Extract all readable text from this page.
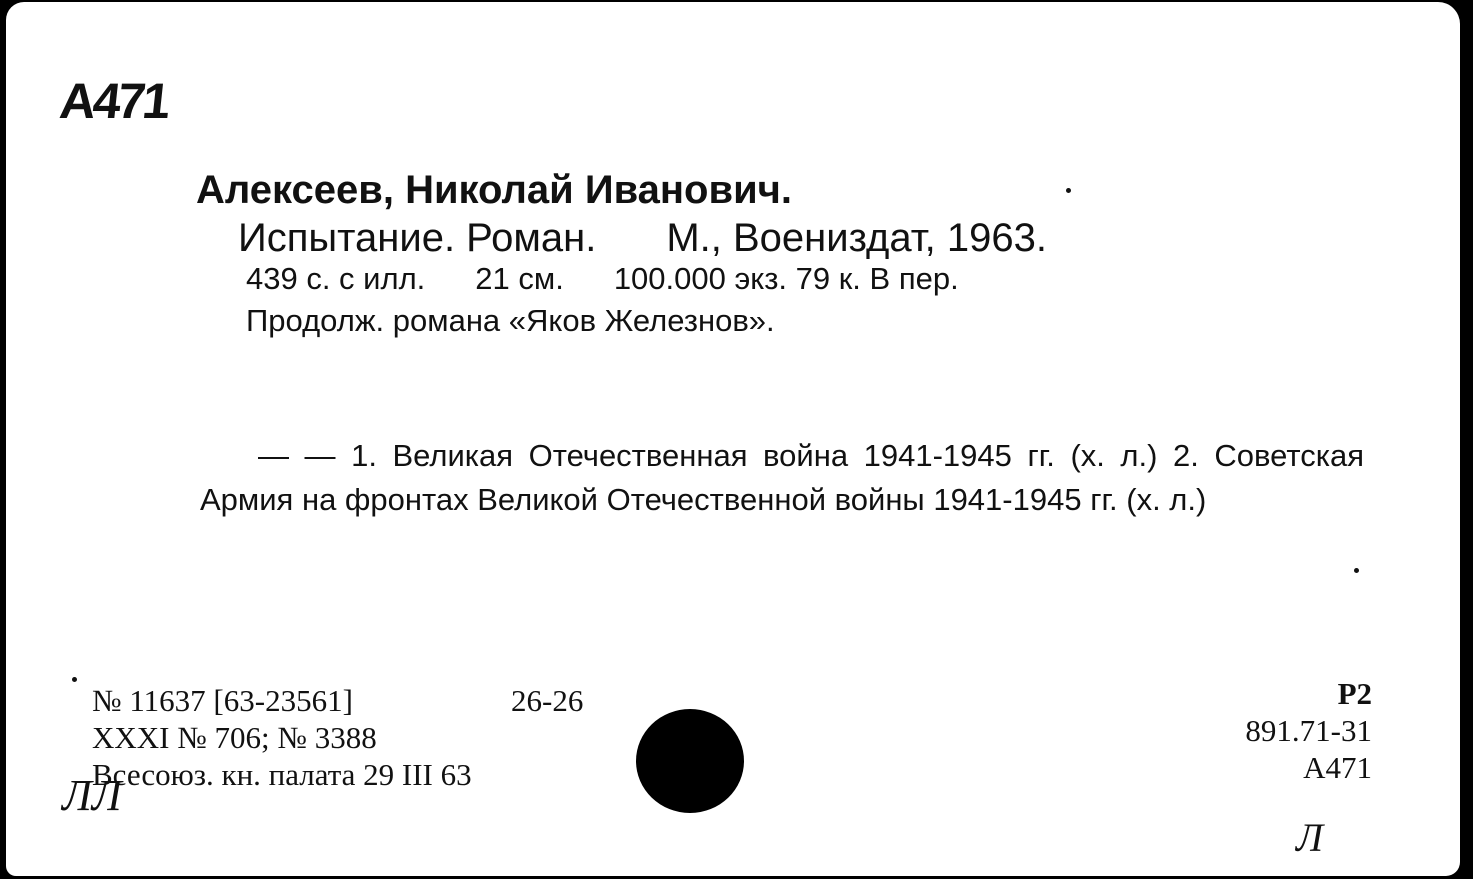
A471
Алексеев, Николай Иванович.
Испытание. Роман. М., Воениздат, 1963.
439 с. с илл. 21 см. 100.000 экз. 79 к. В пер.
Продолж. романа «Яков Железнов».
— — 1. Великая Отечественная война 1941-1945 гг. (х. л.) 2. Советская Армия на фронтах Великой Отечественной войны 1941-1945 гг. (х. л.)
№ 11637 [63-23561]	26-26
XXXI № 706; № 3388
Всесоюз. кн. палата 29 III 63
Р2
891.71-31
А471
ЛЛ
Л
